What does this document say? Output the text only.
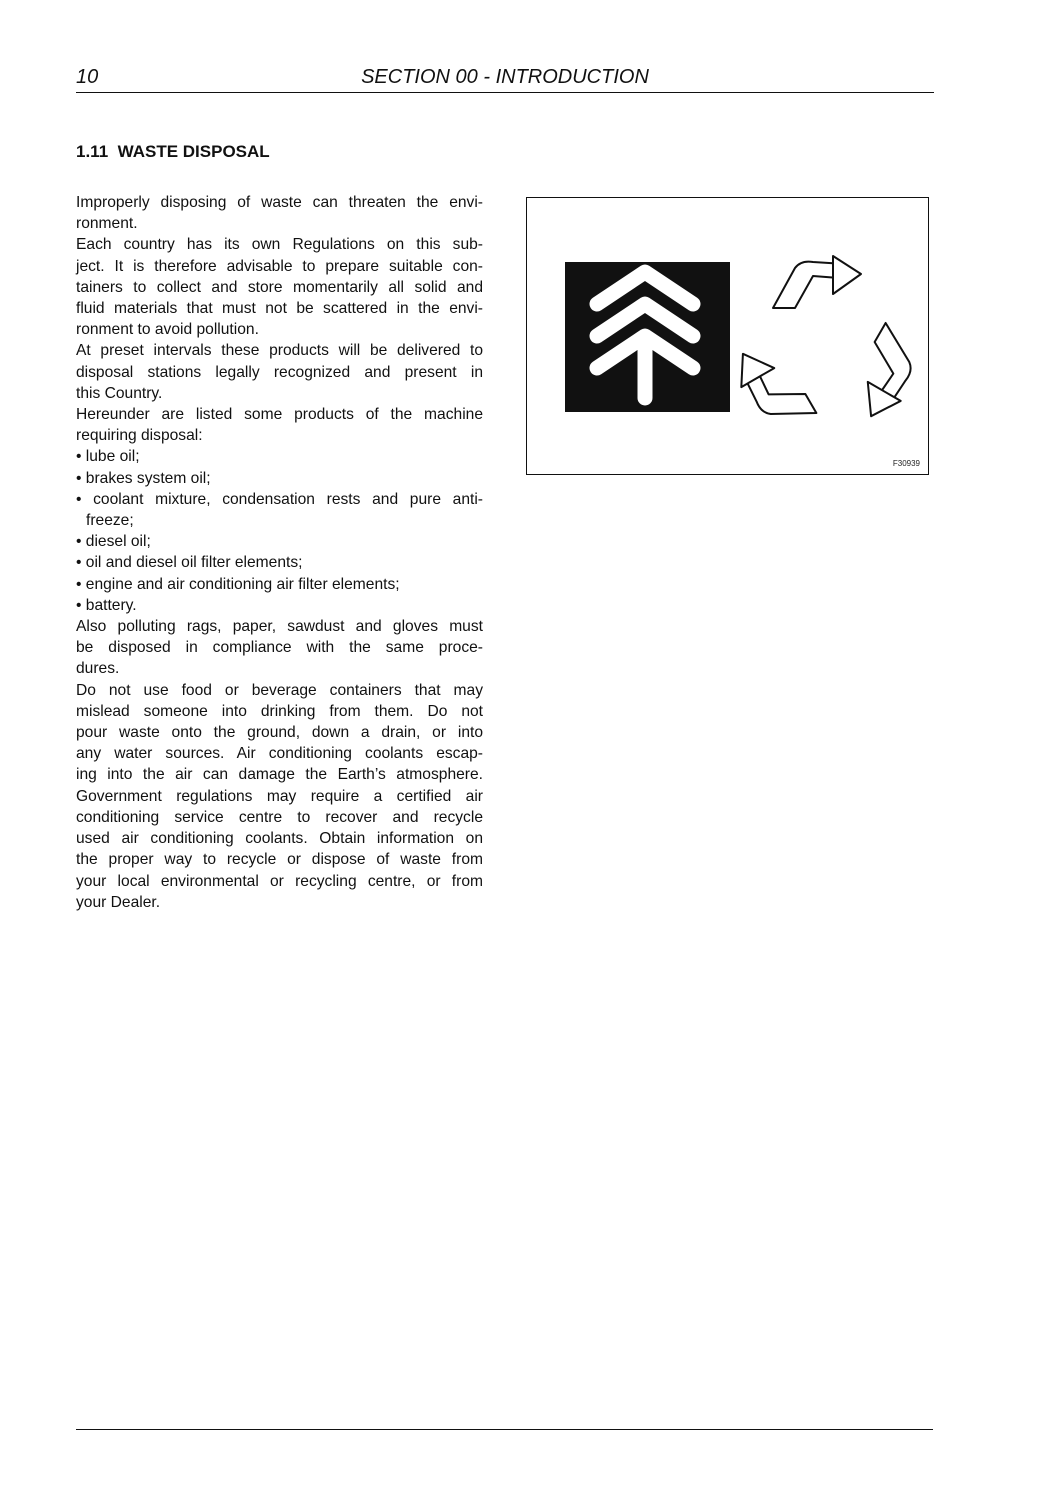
10	SECTION 00 - INTRODUCTION
1.11 WASTE DISPOSAL

Improperly disposing of waste can threaten the envi-
ronment.

Each country has its own Regulations on this sub-
ject. It is therefore advisable to prepare suitable con-
tainers to collect and store momentarily all solid and
fluid materials that must not be scattered in the envi-
ronment to avoid pollution.

At preset intervals these products will be delivered to
disposal stations legally recognized and present in
this Country.

Hereunder are listed some products of the machine
requiring disposal:

• lube oil;
• brakes system oil;
• coolant mixture, condensation rests and pure anti-
freeze;
• diesel oil;
• oil and diesel oil filter elements;
• engine and air conditioning air filter elements;
• battery.

Also polluting rags, paper, sawdust and gloves must
be disposed in compliance with the same proce-
dures.

Do not use food or beverage containers that may
mislead someone into drinking from them. Do not
pour waste onto the ground, down a drain, or into
any water sources. Air conditioning coolants escap-
ing into the air can damage the Earth’s atmosphere.
Government regulations may require a certified air
conditioning service centre to recover and recycle
used air conditioning coolants. Obtain information on
the proper way to recycle or dispose of waste from
your local environmental or recycling centre, or from
your Dealer.

F30939
